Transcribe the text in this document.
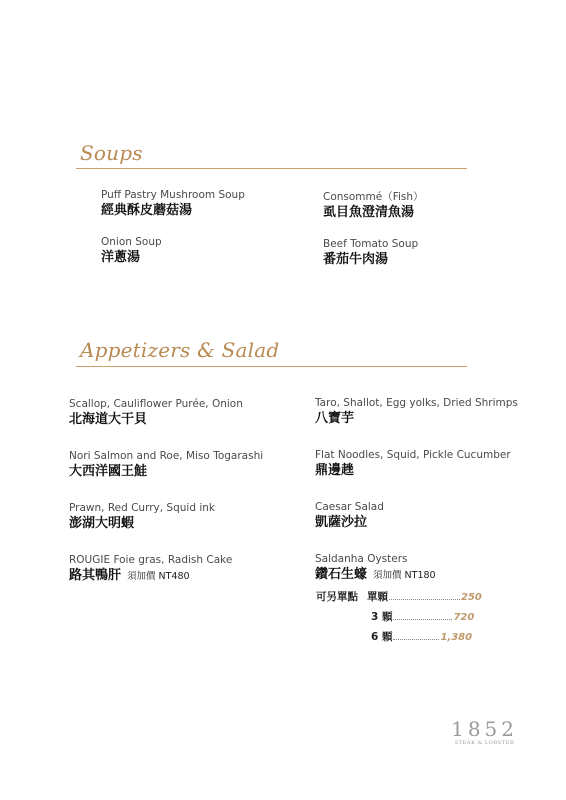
Soups
Puff Pastry Mushroom Soup
經典酥皮蘑菇湯
Consommé（Fish）
虱目魚澄清魚湯
Onion Soup
洋蔥湯
Beef Tomato Soup
番茄牛肉湯
Appetizers & Salad
Scallop, Cauliflower Purée, Onion
北海道大干貝
Taro, Shallot, Egg yolks, Dried Shrimps
八寶芋
Nori Salmon and Roe, Miso Togarashi
大西洋國王鮭
Flat Noodles, Squid, Pickle Cucumber
鼎邊趖
Prawn, Red Curry, Squid ink
澎湖大明蝦
Caesar Salad
凱薩沙拉
ROUGIE Foie gras, Radish Cake
路其鴨肝 須加價 NT480
Saldanha Oysters
鑽石生蠔 須加價 NT180
可另單點 單顆	250
3 顆	720
6 顆	1,380
1852
STEAK & LOBSTER
